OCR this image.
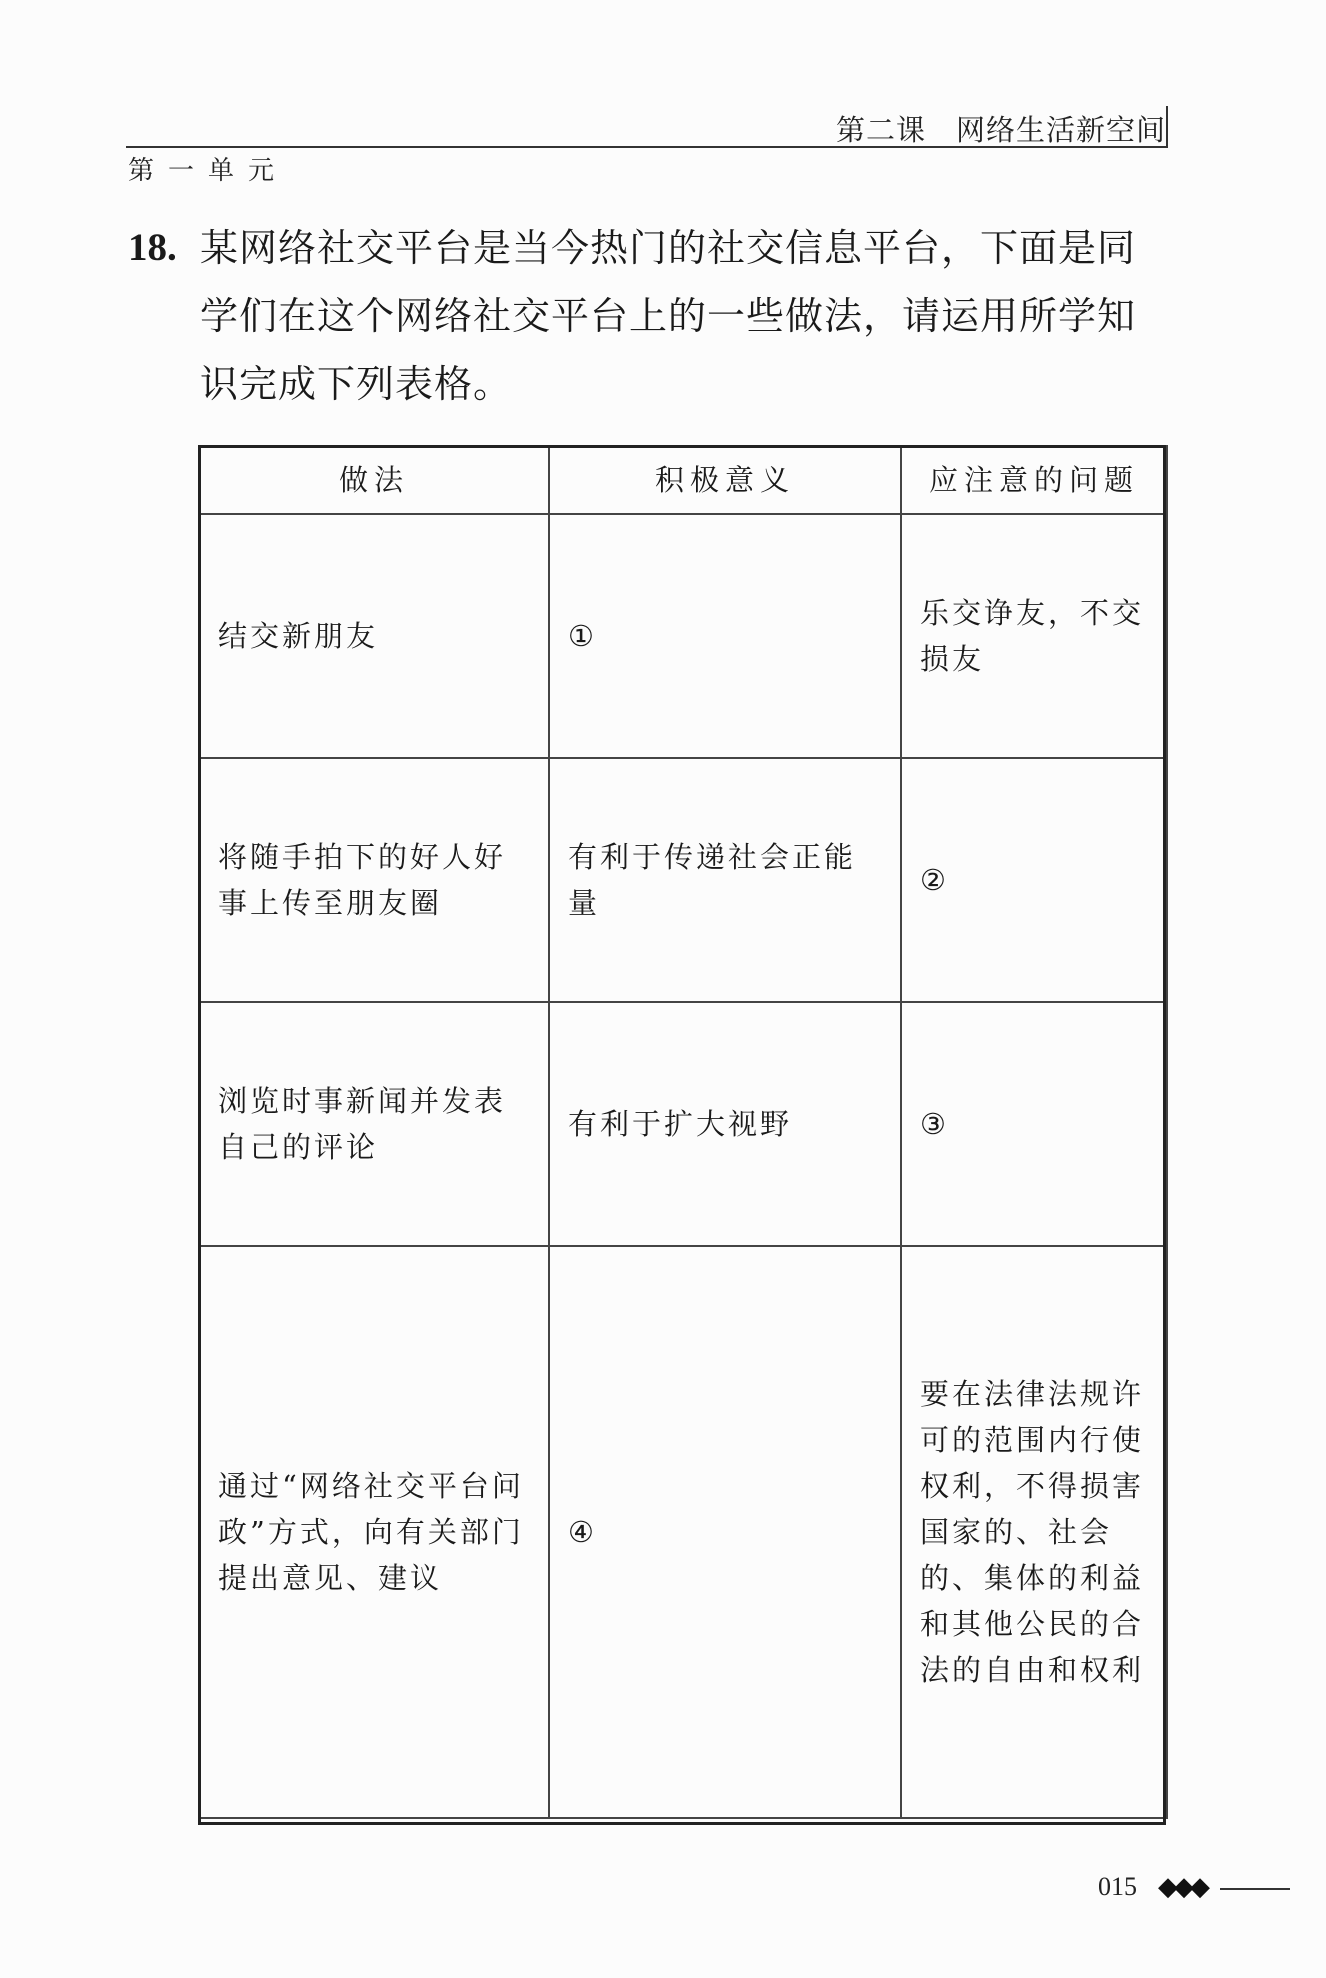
第二课　网络生活新空间
第一单元
18. 某网络社交平台是当今热门的社交信息平台，下面是同学们在这个网络社交平台上的一些做法，请运用所学知识完成下列表格。
做法	积极意义	应注意的问题
结交新朋友	①	乐交诤友，不交损友
将随手拍下的好人好事上传至朋友圈	有利于传递社会正能量	②
浏览时事新闻并发表自己的评论	有利于扩大视野	③
通过“网络社交平台问政”方式，向有关部门提出意见、建议	④	要在法律法规许可的范围内行使权利，不得损害国家的、社会的、集体的利益和其他公民的合法的自由和权利
015 ◆◆◆
